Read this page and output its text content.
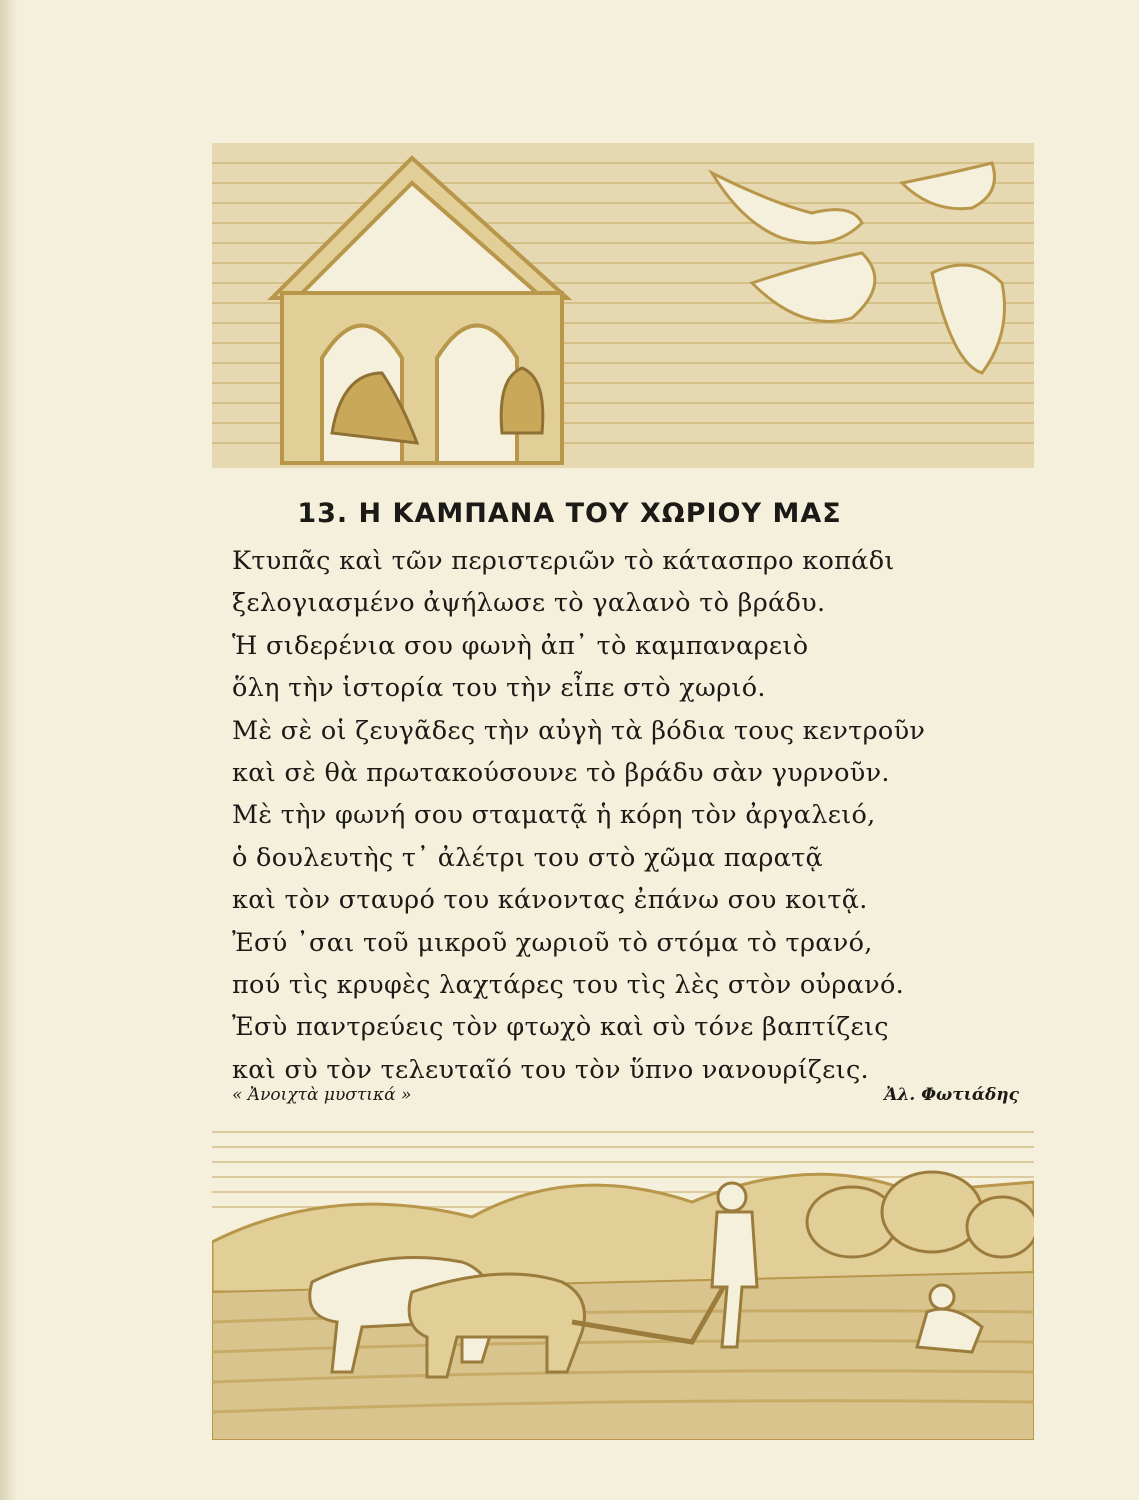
13. Η ΚΑΜΠΑΝΑ ΤΟΥ ΧΩΡΙΟΥ ΜΑΣ
Κτυπᾶς καὶ τῶν περιστεριῶν τὸ κάτασπρο κοπάδι
ξελογιασμένο ἀψήλωσε τὸ γαλανὸ τὸ βράδυ.
Ἡ σιδερένια σου φωνὴ ἀπ᾽ τὸ καμπαναρειὸ
ὅλη τὴν ἱστορία του τὴν εἶπε στὸ χωριό.
Μὲ σὲ οἱ ζευγᾶδες τὴν αὐγὴ τὰ βόδια τους κεντροῦν
καὶ σὲ θὰ πρωτακούσουνε τὸ βράδυ σὰν γυρνοῦν.
Μὲ τὴν φωνή σου σταματᾷ ἡ κόρη τὸν ἀργαλειό,
ὁ δουλευτὴς τ᾽ ἀλέτρι του στὸ χῶμα παρατᾷ
καὶ τὸν σταυρό του κάνοντας ἐπάνω σου κοιτᾷ.
Ἐσύ ᾽σαι τοῦ μικροῦ χωριοῦ τὸ στόμα τὸ τρανό,
πού τὶς κρυφὲς λαχτάρες του τὶς λὲς στὸν οὐρανό.
Ἐσὺ παντρεύεις τὸν φτωχὸ καὶ σὺ τόνε βαπτίζεις
καὶ σὺ τὸν τελευταῖό του τὸν ὕπνο νανουρίζεις.
« Ἀνοιχτὰ μυστικά »	Ἀλ. Φωτιάδης
